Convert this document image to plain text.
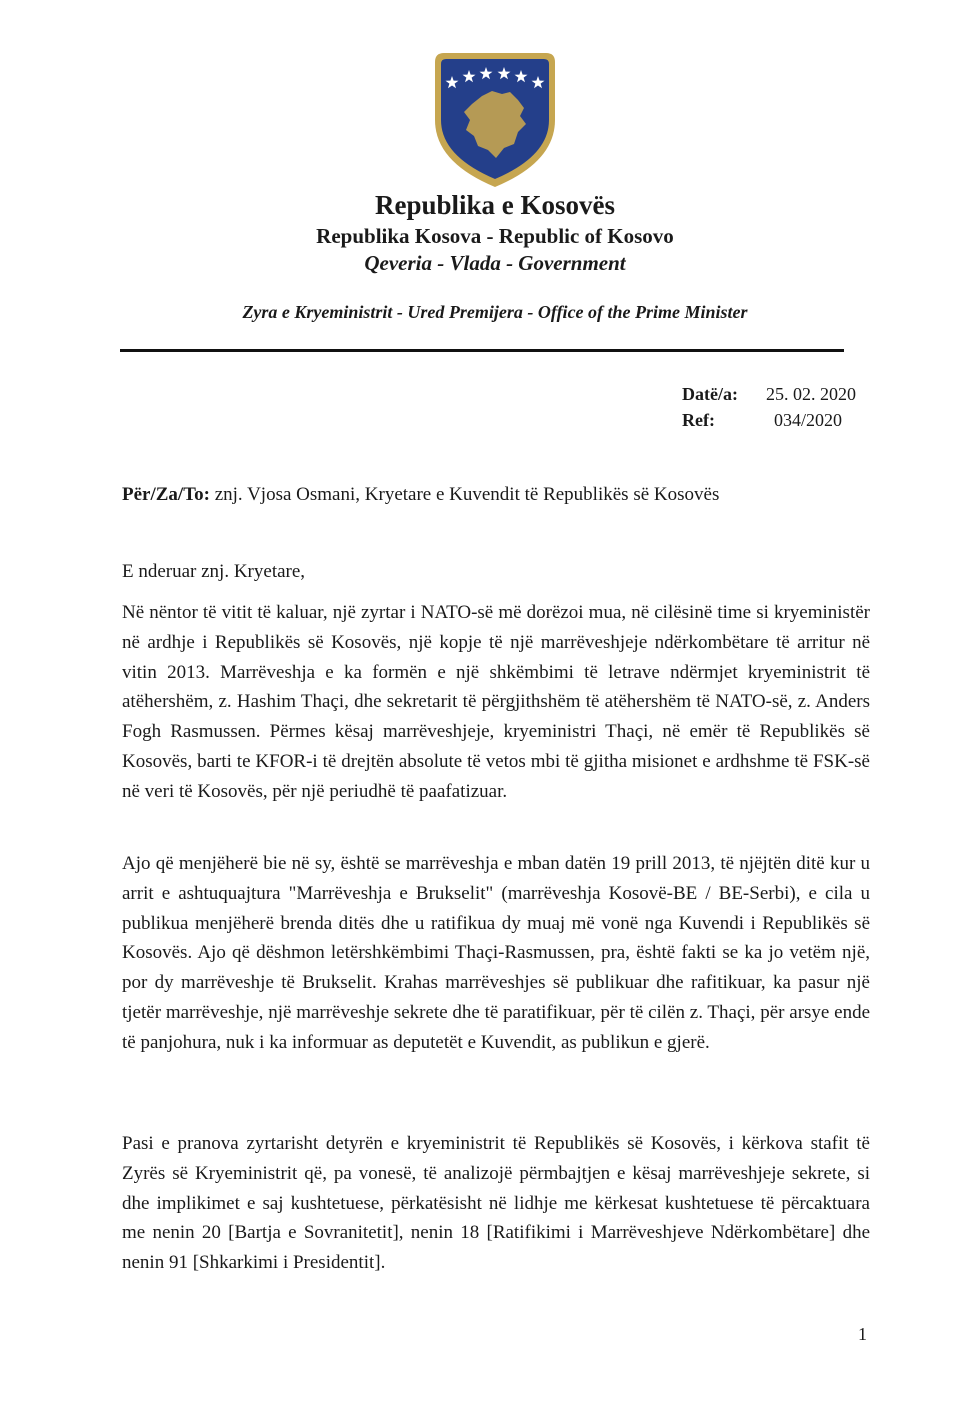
Republika e Kosovës
Republika Kosova - Republic of Kosovo
Qeveria - Vlada - Government
Zyra e Kryeministrit - Ured Premijera - Office of the Prime Minister
Datë/a: 25. 02. 2020
Ref:	034/2020
Për/Za/To: znj. Vjosa Osmani, Kryetare e Kuvendit të Republikës së Kosovës
E nderuar znj. Kryetare,

Në nëntor të vitit të kaluar, një zyrtar i NATO-së më dorëzoi mua, në cilësinë time si kryeministër në ardhje i Republikës së Kosovës, një kopje të një marrëveshjeje ndërkombëtare të arritur në vitin 2013. Marrëveshja e ka formën e një shkëmbimi të letrave ndërmjet kryeministrit të atëhershëm, z. Hashim Thaçi, dhe sekretarit të përgjithshëm të atëhershëm të NATO-së, z. Anders Fogh Rasmussen. Përmes kësaj marrëveshjeje, kryeministri Thaçi, në emër të Republikës së Kosovës, barti te KFOR-i të drejtën absolute të vetos mbi të gjitha misionet e ardhshme të FSK-së në veri të Kosovës, për një periudhë të paafatizuar.

Ajo që menjëherë bie në sy, është se marrëveshja e mban datën 19 prill 2013, të njëjtën ditë kur u arrit e ashtuquajtura "Marrëveshja e Brukselit" (marrëveshja Kosovë-BE / BE-Serbi), e cila u publikua menjëherë brenda ditës dhe u ratifikua dy muaj më vonë nga Kuvendi i Republikës së Kosovës. Ajo që dëshmon letërshkëmbimi Thaçi-Rasmussen, pra, është fakti se ka jo vetëm një, por dy marrëveshje të Brukselit. Krahas marrëveshjes së publikuar dhe rafitikuar, ka pasur një tjetër marrëveshje, një marrëveshje sekrete dhe të paratifikuar, për të cilën z. Thaçi, për arsye ende të panjohura, nuk i ka informuar as deputetët e Kuvendit, as publikun e gjerë.

Pasi e pranova zyrtarisht detyrën e kryeministrit të Republikës së Kosovës, i kërkova stafit të Zyrës së Kryeministrit që, pa vonesë, të analizojë përmbajtjen e kësaj marrëveshjeje sekrete, si dhe implikimet e saj kushtetuese, përkatësisht në lidhje me kërkesat kushtetuese të përcaktuara me nenin 20 [Bartja e Sovranitetit], nenin 18 [Ratifikimi i Marrëveshjeve Ndërkombëtare] dhe nenin 91 [Shkarkimi i Presidentit].

1
